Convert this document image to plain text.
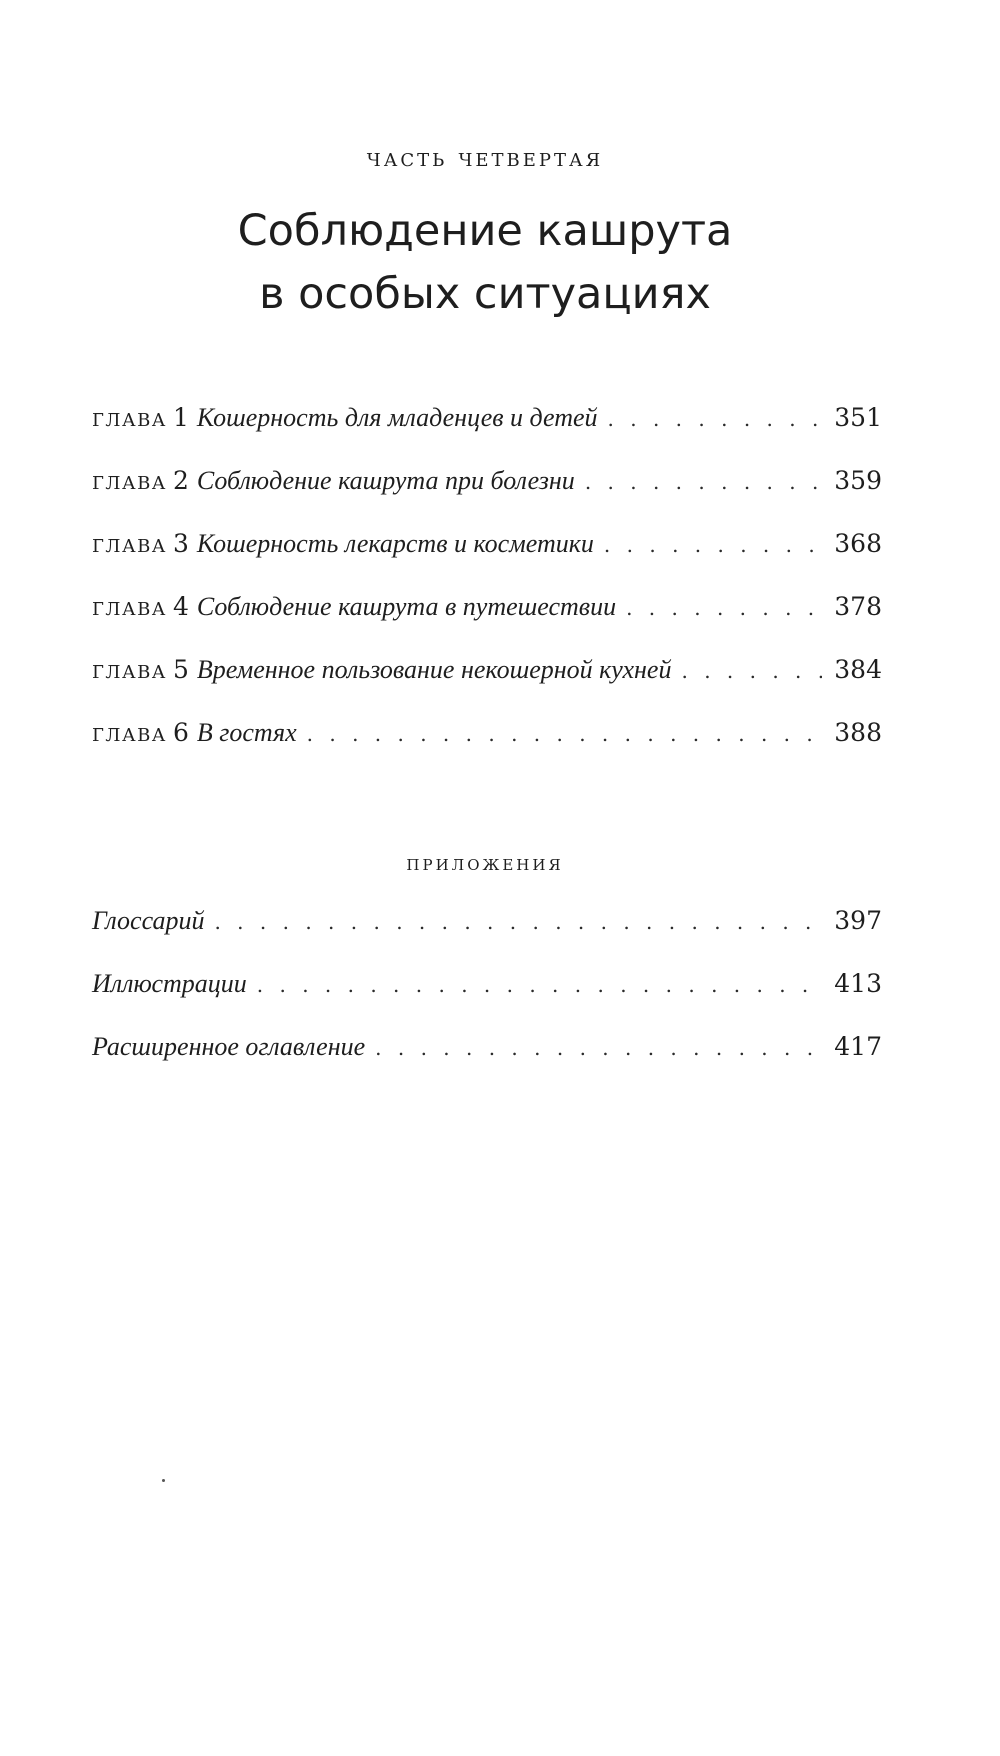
часть четвертая
Соблюдение кашрута
в особых ситуациях
глава 1 Кошерность для младенцев и детей . . .	351
глава 2 Соблюдение кашрута при болезни . . .	359
глава 3 Кошерность лекарств и косметики . . .	368
глава 4 Соблюдение кашрута в путешествии . . .	378
глава 5 Временное пользование некошерной кухней . . .	384
глава 6 В гостях . . .	388
приложения
Глоссарий . . .	397
Иллюстрации . . .	413
Расширенное оглавление . . .	417
